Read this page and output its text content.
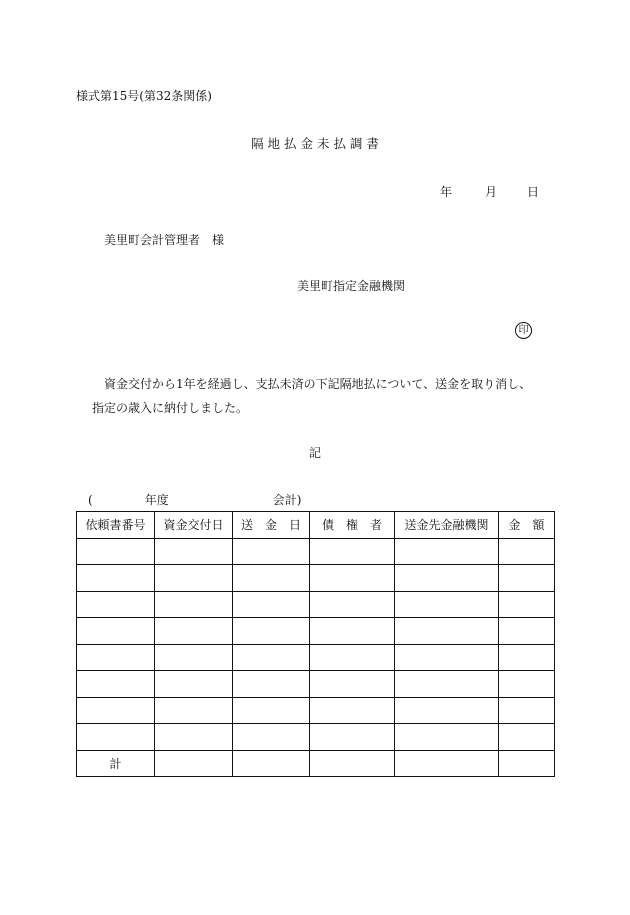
様式第15号(第32条関係)
隔 地 払 金 未 払 調 書
年	月	日
美里町会計管理者　様
美里町指定金融機関
印
資金交付から1年を経過し、支払未済の下記隔地払について、送金を取り消し、
指定の歳入に納付しました。
記
(	年度	会計)
依頼書番号	資金交付日	送　金　日	債　権　者	送金先金融機関	金　額

計					
